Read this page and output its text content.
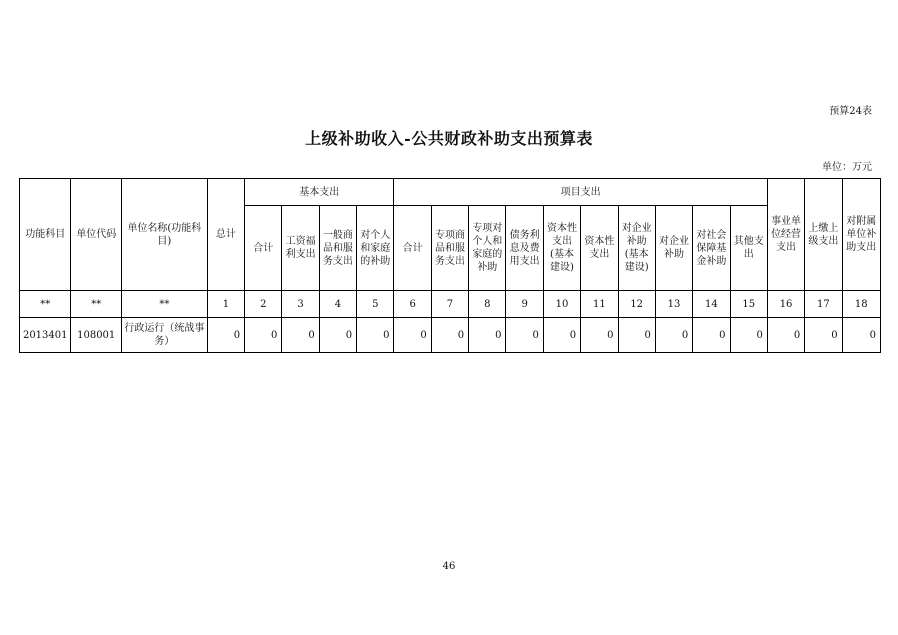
预算24表
上级补助收入-公共财政补助支出预算表
单位：万元
功能科目	单位代码	单位名称(功能科目)	总计	基本支出				项目支出										事业单位经营支出	上缴上级支出	对附属单位补助支出
				合计	工资福利支出	一般商品和服务支出	对个人和家庭的补助	合计	专项商品和服务支出	专项对个人和家庭的补助	债务利息及费用支出	资本性支出(基本建设)	资本性支出	对企业补助(基本建设)	对企业补助	对社会保障基金补助	其他支出			
**	**	**	1	2	3	4	5	6	7	8	9	10	11	12	13	14	15	16	17	18
2013401	108001	行政运行（统战事务）	0	0	0	0	0	0	0	0	0	0	0	0	0	0	0	0	0	0
46
